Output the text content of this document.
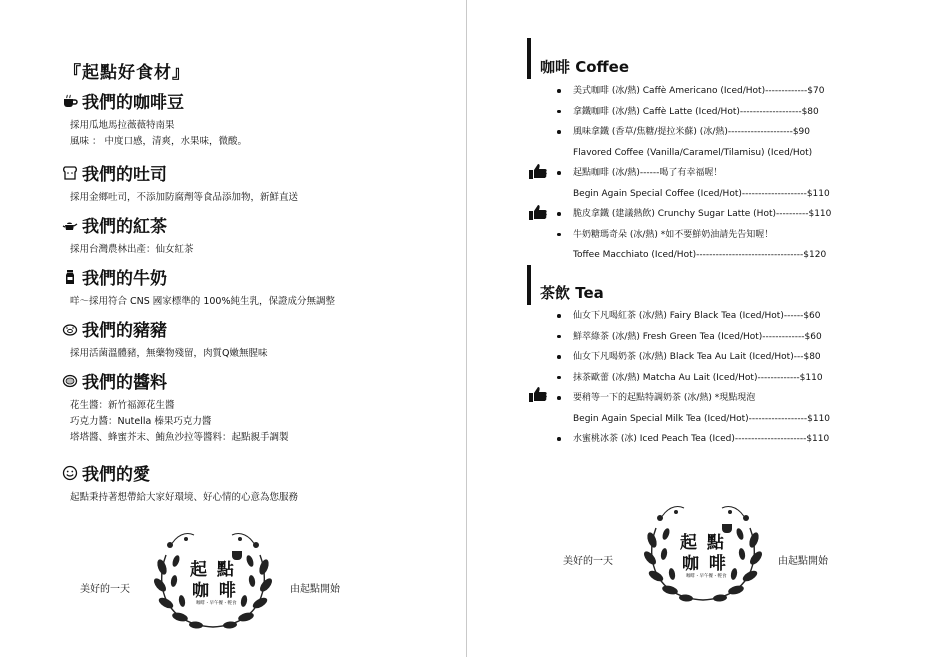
『起點好食材』
我們的咖啡豆
採用瓜地馬拉薇薇特南果
風味 ： 中度口感，清爽，水果味，微酸。
我們的吐司
採用金鄉吐司，不添加防腐劑等食品添加物，新鮮直送
我們的紅茶
採用台灣農林出產：仙女紅茶
我們的牛奶
咩～採用符合 CNS 國家標準的 100%純生乳，保證成分無調整
我們的豬豬
採用活菌溫體豬，無藥物殘留，肉質Q嫩無腥味
我們的醬料
花生醬：新竹福源花生醬
巧克力醬：Nutella 榛果巧克力醬
塔塔醬、蜂蜜芥末、鮪魚沙拉等醬料：起點親手調製
我們的愛
起點秉持著想帶給大家好環境、好心情的心意為您服務
美好的一天
起 點
咖 啡
咖啡・早午餐・輕食
由起點開始
咖啡 Coffee
美式咖啡 (冰/熱) Caffè Americano (Iced/Hot)-------------$70
拿鐵咖啡 (冰/熱) Caffè Latte (Iced/Hot)-------------------$80
風味拿鐵 (香草/焦糖/提拉米蘇) (冰/熱)--------------------$90
Flavored Coffee (Vanilla/Caramel/Tilamisu) (Iced/Hot)
起點咖啡 (冰/熱)------喝了有幸福喔！
Begin Again Special Coffee (Iced/Hot)--------------------$110
脆皮拿鐵 (建議熱飲) Crunchy Sugar Latte (Hot)----------$110
牛奶糖瑪奇朵 (冰/熱) *如不要鮮奶油請先告知喔！
Toffee Macchiato (Iced/Hot)---------------------------------$120
茶飲 Tea
仙女下凡喝紅茶 (冰/熱) Fairy Black Tea (Iced/Hot)------$60
鮮萃綠茶 (冰/熱) Fresh Green Tea (Iced/Hot)-------------$60
仙女下凡喝奶茶 (冰/熱) Black Tea Au Lait (Iced/Hot)---$80
抹茶歐蕾 (冰/熱) Matcha Au Lait (Iced/Hot)-------------$110
要稍等一下的起點特調奶茶 (冰/熱) *現點現泡
Begin Again Special Milk Tea (Iced/Hot)------------------$110
水蜜桃冰茶 (冰) Iced Peach Tea (Iced)----------------------$110
美好的一天
起 點
咖 啡
咖啡・早午餐・輕食
由起點開始
